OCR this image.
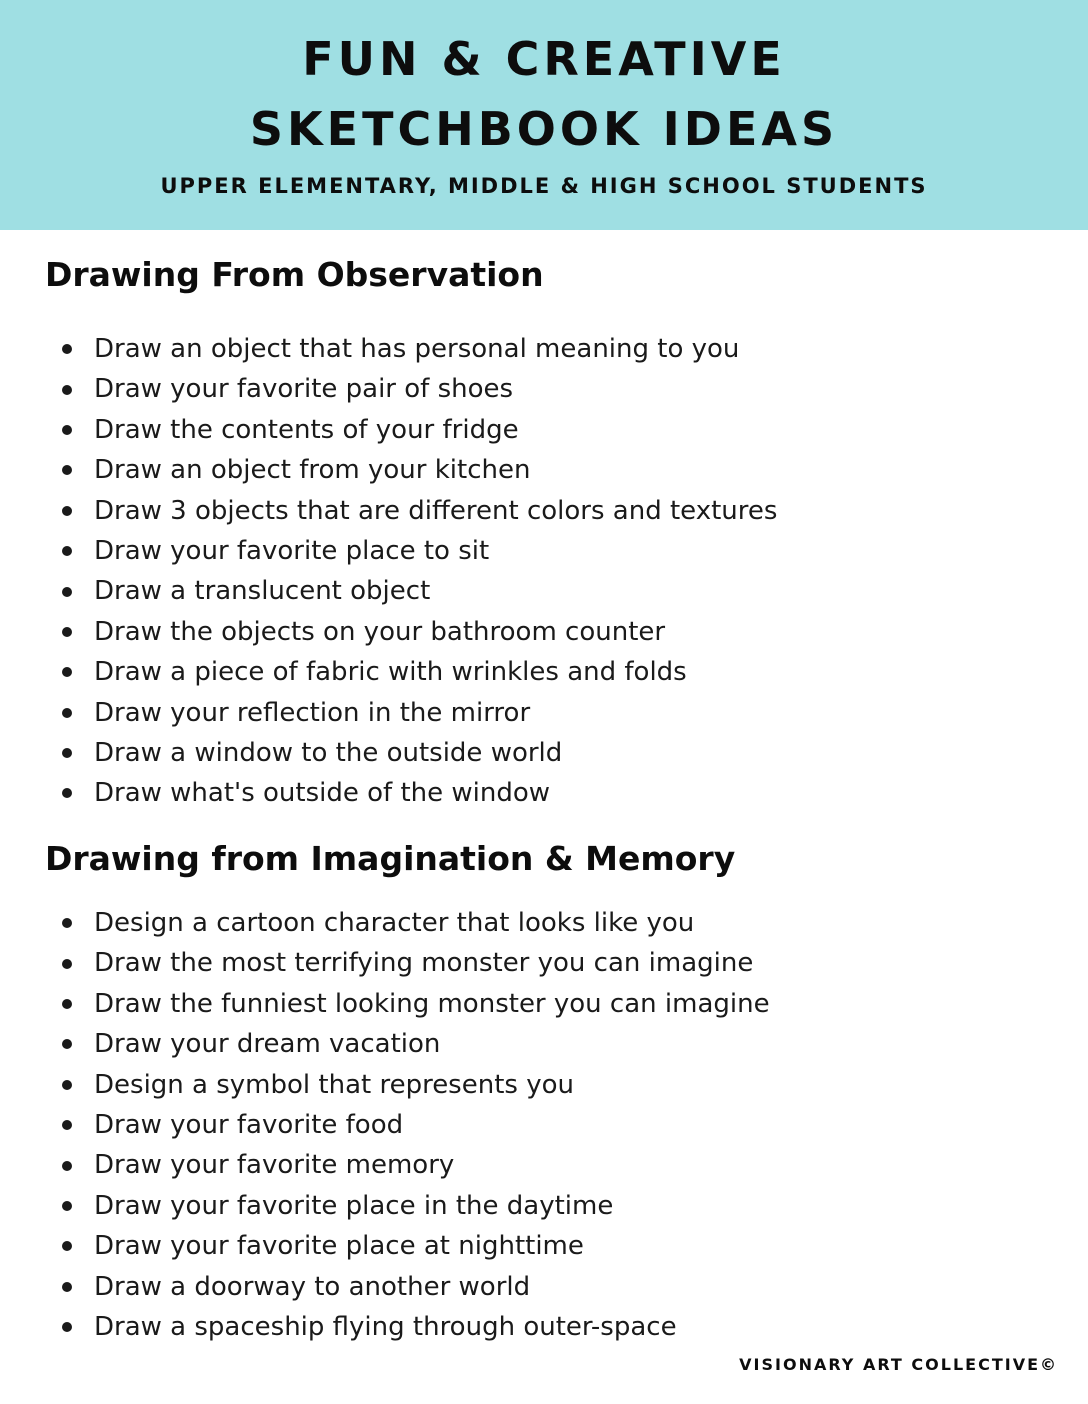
FUN & CREATIVE
SKETCHBOOK IDEAS
UPPER ELEMENTARY, MIDDLE & HIGH SCHOOL STUDENTS
Drawing From Observation
Draw an object that has personal meaning to you
Draw your favorite pair of shoes
Draw the contents of your fridge
Draw an object from your kitchen
Draw 3 objects that are different colors and textures
Draw your favorite place to sit
Draw a translucent object
Draw the objects on your bathroom counter
Draw a piece of fabric with wrinkles and folds
Draw your reflection in the mirror
Draw a window to the outside world
Draw what's outside of the window
Drawing from Imagination & Memory
Design a cartoon character that looks like you
Draw the most terrifying monster you can imagine
Draw the funniest looking monster you can imagine
Draw your dream vacation
Design a symbol that represents you
Draw your favorite food
Draw your favorite memory
Draw your favorite place in the daytime
Draw your favorite place at nighttime
Draw a doorway to another world
Draw a spaceship flying through outer-space
VISIONARY ART COLLECTIVE©
